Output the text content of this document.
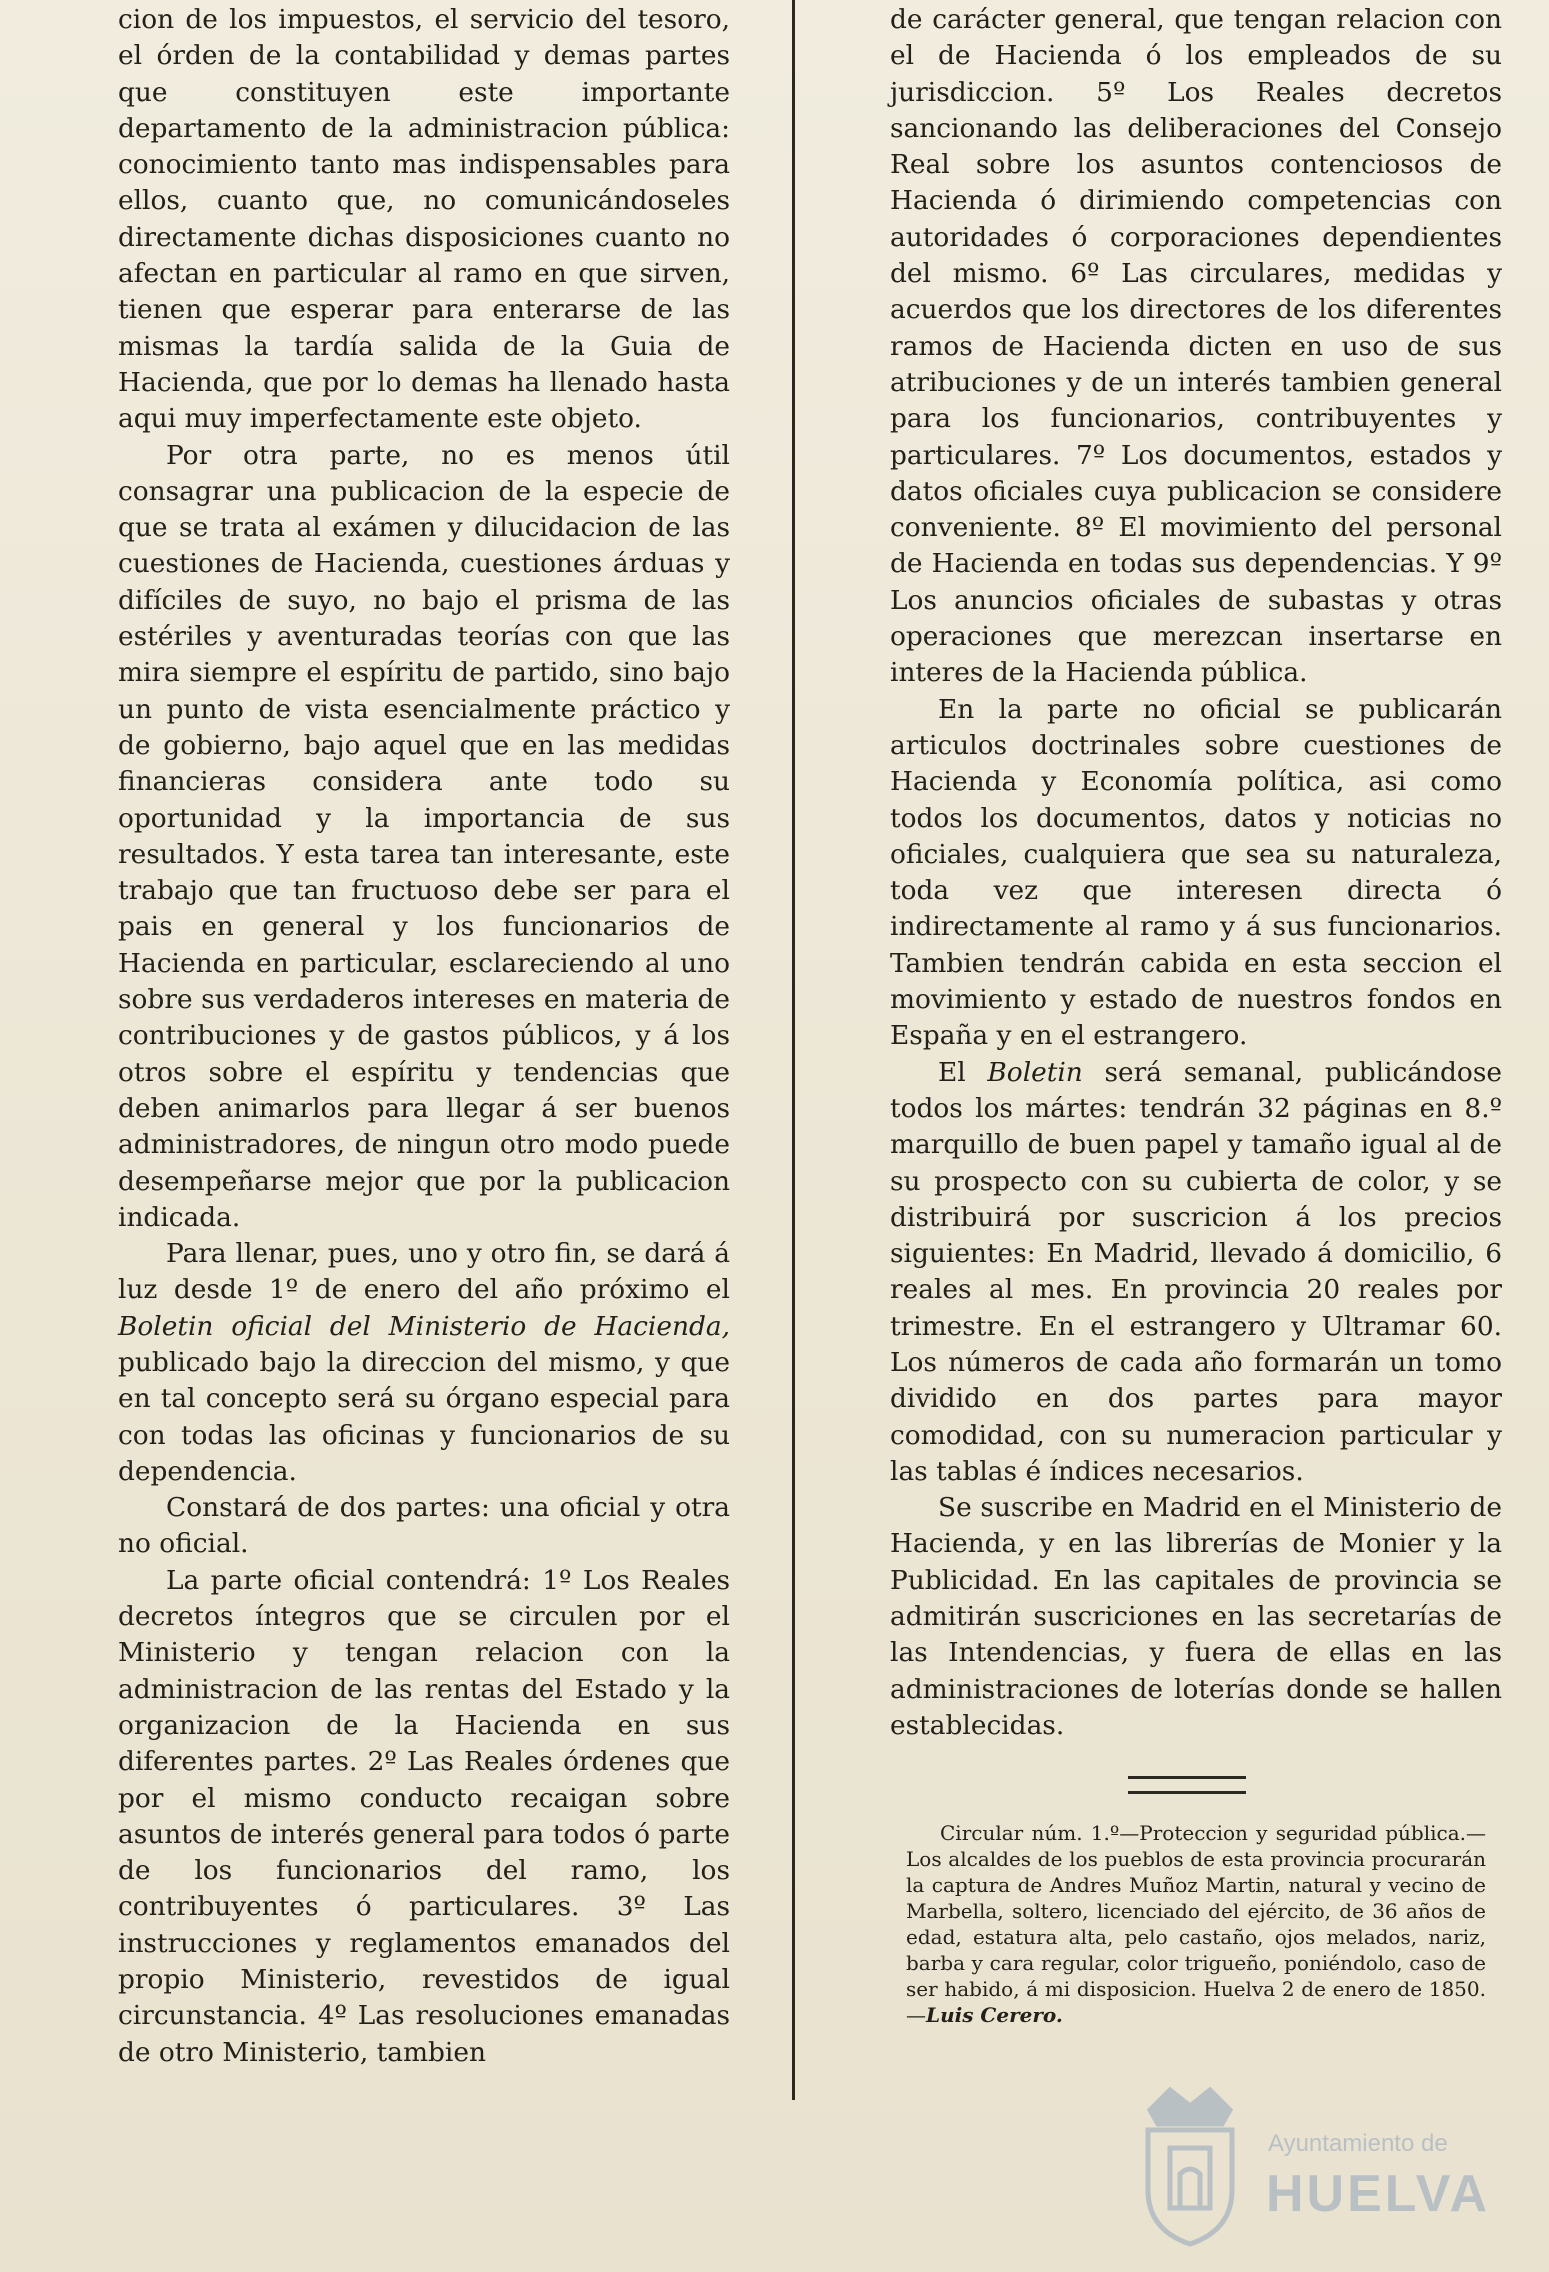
cion de los impuestos, el servicio del tesoro, el órden de la contabilidad y demas partes que constituyen este importante departamento de la administracion pública: conocimiento tanto mas indispensables para ellos, cuanto que, no comunicándoseles directamente dichas disposiciones cuanto no afectan en particular al ramo en que sirven, tienen que esperar para enterarse de las mismas la tardía salida de la Guia de Hacienda, que por lo demas ha llenado hasta aqui muy imperfectamente este objeto.

Por otra parte, no es menos útil consagrar una publicacion de la especie de que se trata al exámen y dilucidacion de las cuestiones de Hacienda, cuestiones árduas y difíciles de suyo, no bajo el prisma de las estériles y aventuradas teorías con que las mira siempre el espíritu de partido, sino bajo un punto de vista esencialmente práctico y de gobierno, bajo aquel que en las medidas financieras considera ante todo su oportunidad y la importancia de sus resultados. Y esta tarea tan interesante, este trabajo que tan fructuoso debe ser para el pais en general y los funcionarios de Hacienda en particular, esclareciendo al uno sobre sus verdaderos intereses en materia de contribuciones y de gastos públicos, y á los otros sobre el espíritu y tendencias que deben animarlos para llegar á ser buenos administradores, de ningun otro modo puede desempeñarse mejor que por la publicacion indicada.

Para llenar, pues, uno y otro fin, se dará á luz desde 1º de enero del año próximo el Boletin oficial del Ministerio de Hacienda, publicado bajo la direccion del mismo, y que en tal concepto será su órgano especial para con todas las oficinas y funcionarios de su dependencia.

Constará de dos partes: una oficial y otra no oficial.

La parte oficial contendrá: 1º Los Reales decretos íntegros que se circulen por el Ministerio y tengan relacion con la administracion de las rentas del Estado y la organizacion de la Hacienda en sus diferentes partes. 2º Las Reales órdenes que por el mismo conducto recaigan sobre asuntos de interés general para todos ó parte de los funcionarios del ramo, los contribuyentes ó particulares. 3º Las instrucciones y reglamentos emanados del propio Ministerio, revestidos de igual circunstancia. 4º Las resoluciones emanadas de otro Ministerio, tambien

de carácter general, que tengan relacion con el de Hacienda ó los empleados de su jurisdiccion. 5º Los Reales decretos sancionando las deliberaciones del Consejo Real sobre los asuntos contenciosos de Hacienda ó dirimiendo competencias con autoridades ó corporaciones dependientes del mismo. 6º Las circulares, medidas y acuerdos que los directores de los diferentes ramos de Hacienda dicten en uso de sus atribuciones y de un interés tambien general para los funcionarios, contribuyentes y particulares. 7º Los documentos, estados y datos oficiales cuya publicacion se considere conveniente. 8º El movimiento del personal de Hacienda en todas sus dependencias. Y 9º Los anuncios oficiales de subastas y otras operaciones que merezcan insertarse en interes de la Hacienda pública.

En la parte no oficial se publicarán articulos doctrinales sobre cuestiones de Hacienda y Economía política, asi como todos los documentos, datos y noticias no oficiales, cualquiera que sea su naturaleza, toda vez que interesen directa ó indirectamente al ramo y á sus funcionarios. Tambien tendrán cabida en esta seccion el movimiento y estado de nuestros fondos en España y en el estrangero.

El Boletin será semanal, publicándose todos los mártes: tendrán 32 páginas en 8.º marquillo de buen papel y tamaño igual al de su prospecto con su cubierta de color, y se distribuirá por suscricion á los precios siguientes: En Madrid, llevado á domicilio, 6 reales al mes. En provincia 20 reales por trimestre. En el estrangero y Ultramar 60. Los números de cada año formarán un tomo dividido en dos partes para mayor comodidad, con su numeracion particular y las tablas é índices necesarios.

Se suscribe en Madrid en el Ministerio de Hacienda, y en las librerías de Monier y la Publicidad. En las capitales de provincia se admitirán suscriciones en las secretarías de las Intendencias, y fuera de ellas en las administraciones de loterías donde se hallen establecidas.

Circular núm. 1.º—Proteccion y seguridad pública.—Los alcaldes de los pueblos de esta provincia procurarán la captura de Andres Muñoz Martin, natural y vecino de Marbella, soltero, licenciado del ejército, de 36 años de edad, estatura alta, pelo castaño, ojos melados, nariz, barba y cara regular, color trigueño, poniéndolo, caso de ser habido, á mi disposicion. Huelva 2 de enero de 1850.—Luis Cerero.

Ayuntamiento de
HUELVA
